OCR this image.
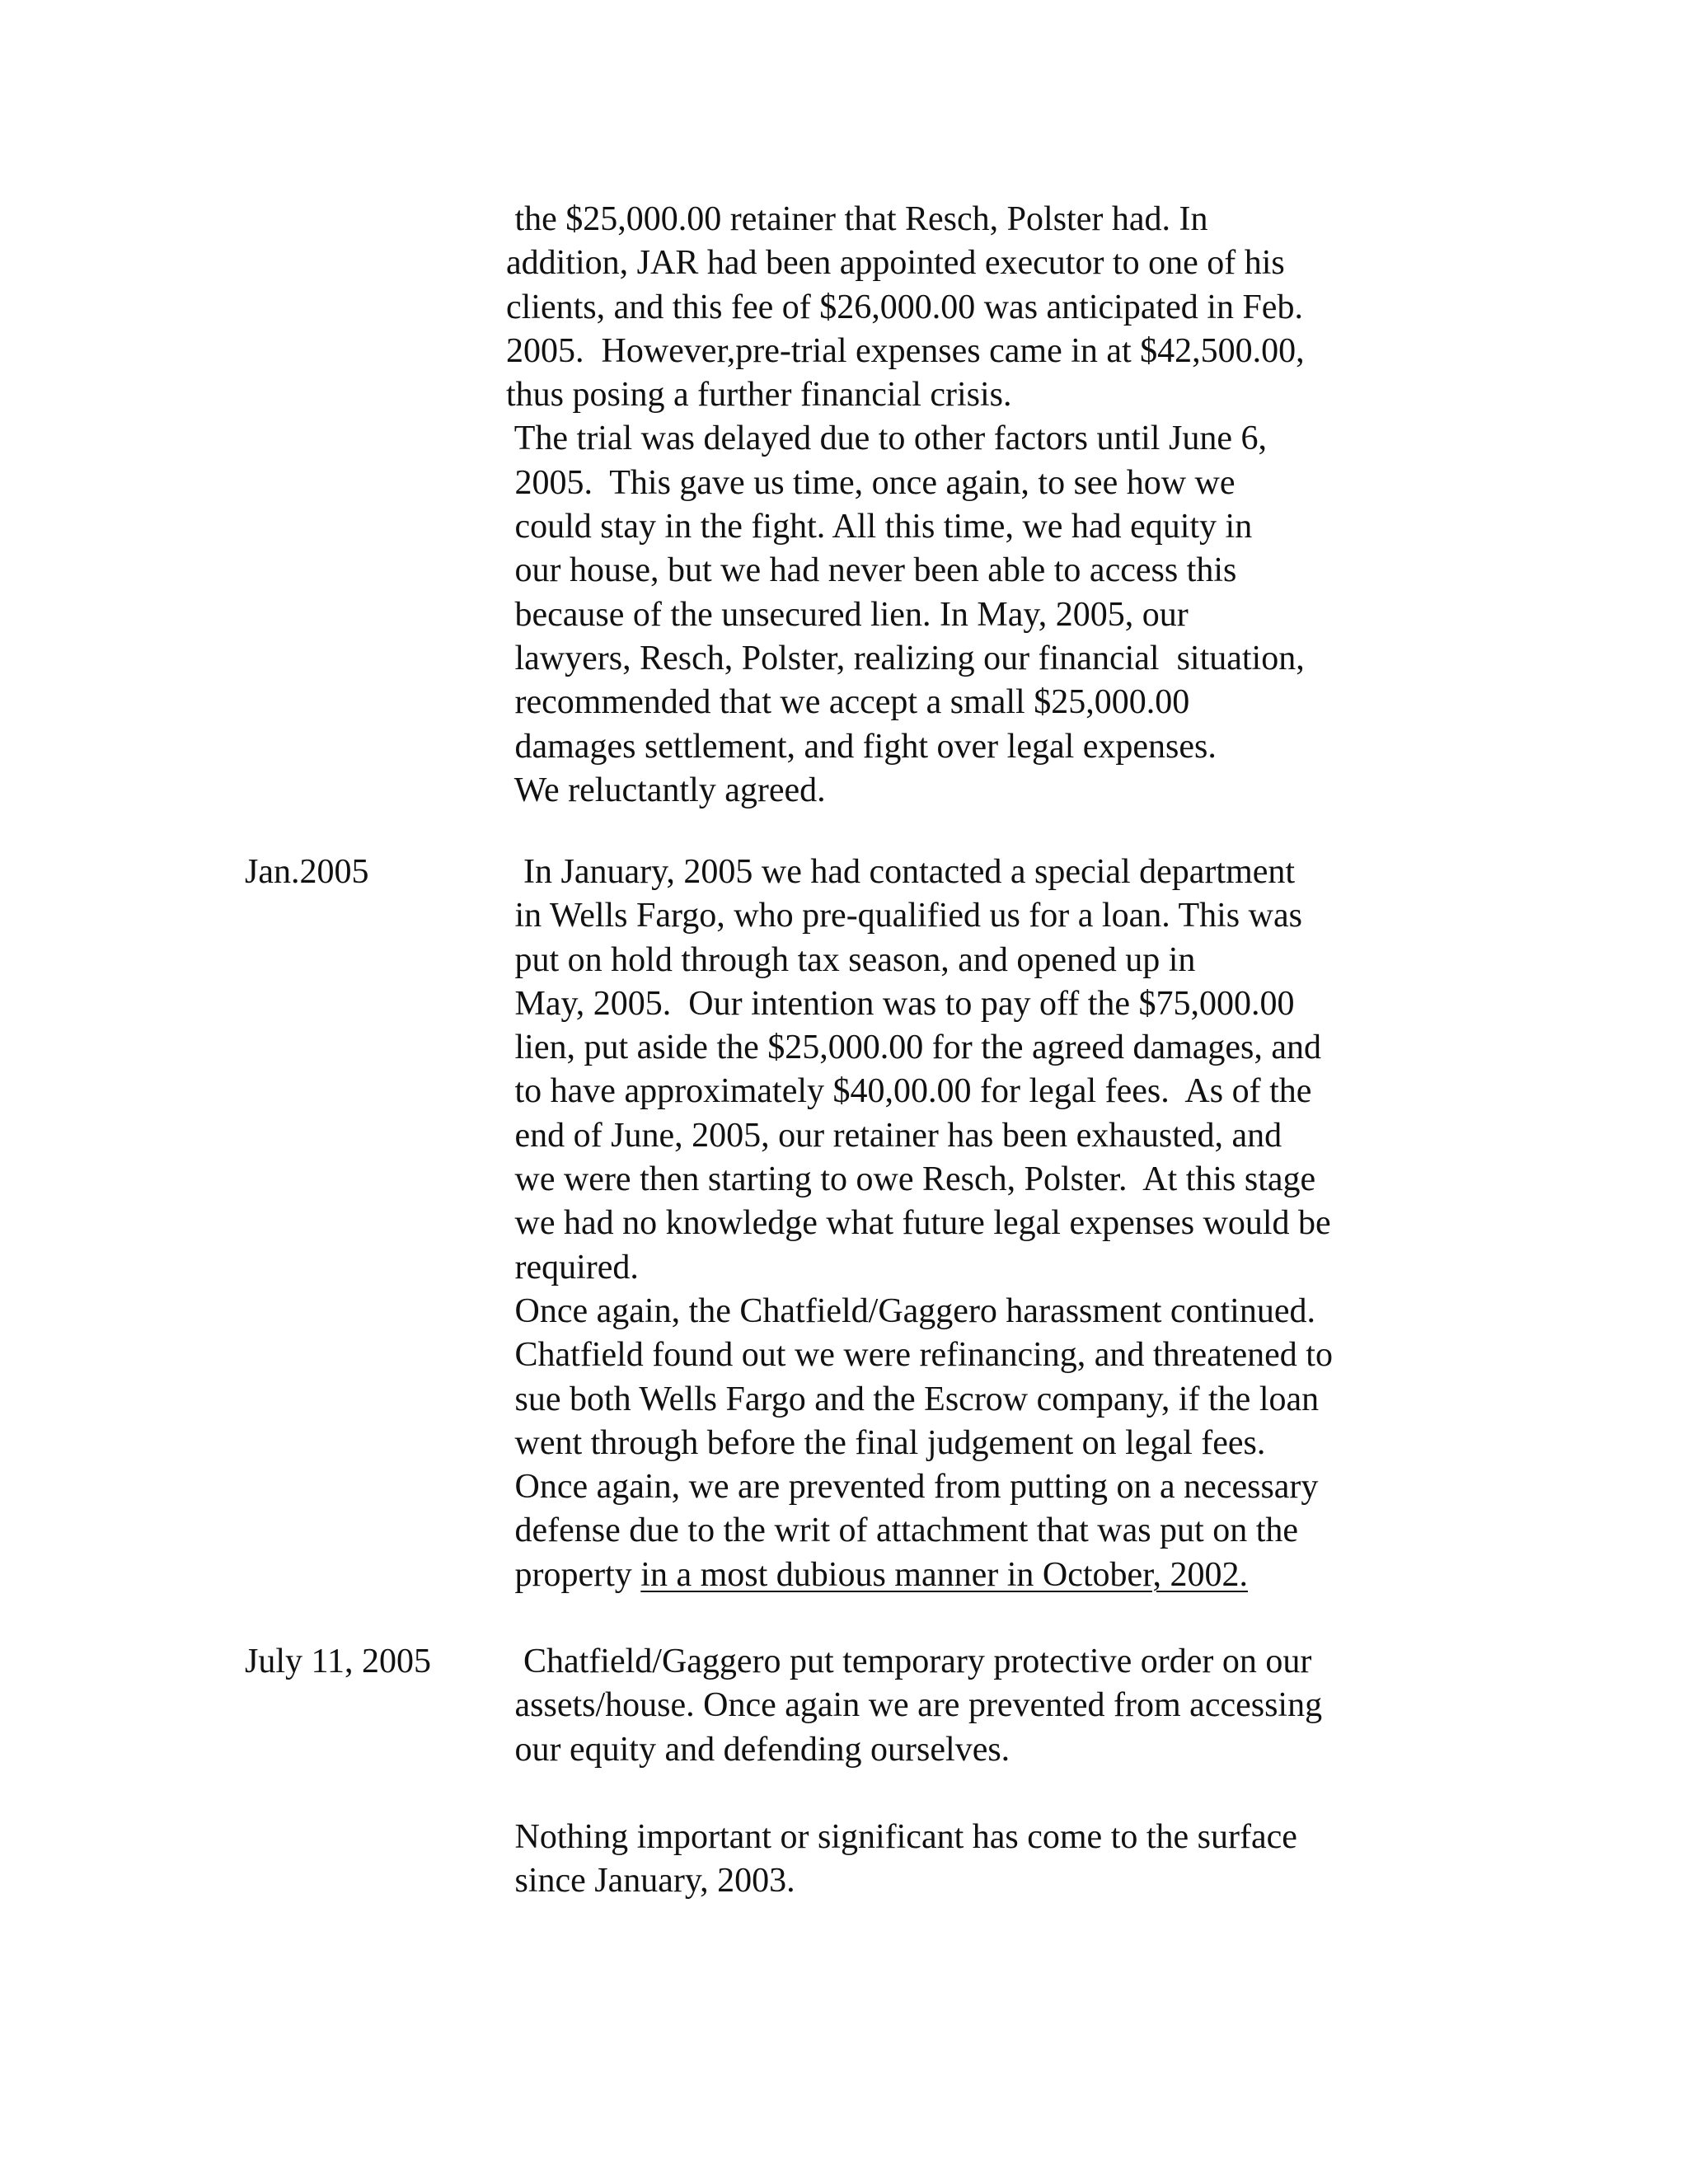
the $25,000.00 retainer that Resch, Polster had. In
addition, JAR had been appointed executor to one of his
clients, and this fee of $26,000.00 was anticipated in Feb.
2005.  However,pre-trial expenses came in at $42,500.00,
thus posing a further financial crisis.
The trial was delayed due to other factors until June 6,
2005.  This gave us time, once again, to see how we
could stay in the fight. All this time, we had equity in
our house, but we had never been able to access this
because of the unsecured lien. In May, 2005, our
lawyers, Resch, Polster, realizing our financial  situation,
recommended that we accept a small $25,000.00
damages settlement, and fight over legal expenses.
We reluctantly agreed.
Jan.2005	In January, 2005 we had contacted a special department
in Wells Fargo, who pre-qualified us for a loan. This was
put on hold through tax season, and opened up in
May, 2005.  Our intention was to pay off the $75,000.00
lien, put aside the $25,000.00 for the agreed damages, and
to have approximately $40,00.00 for legal fees.  As of the
end of June, 2005, our retainer has been exhausted, and
we were then starting to owe Resch, Polster.  At this stage
we had no knowledge what future legal expenses would be
required.
Once again, the Chatfield/Gaggero harassment continued.
Chatfield found out we were refinancing, and threatened to
sue both Wells Fargo and the Escrow company, if the loan
went through before the final judgement on legal fees.
Once again, we are prevented from putting on a necessary
defense due to the writ of attachment that was put on the
property in a most dubious manner in October, 2002.
July 11, 2005 Chatfield/Gaggero put temporary protective order on our
assets/house. Once again we are prevented from accessing
our equity and defending ourselves.
Nothing important or significant has come to the surface
since January, 2003.
